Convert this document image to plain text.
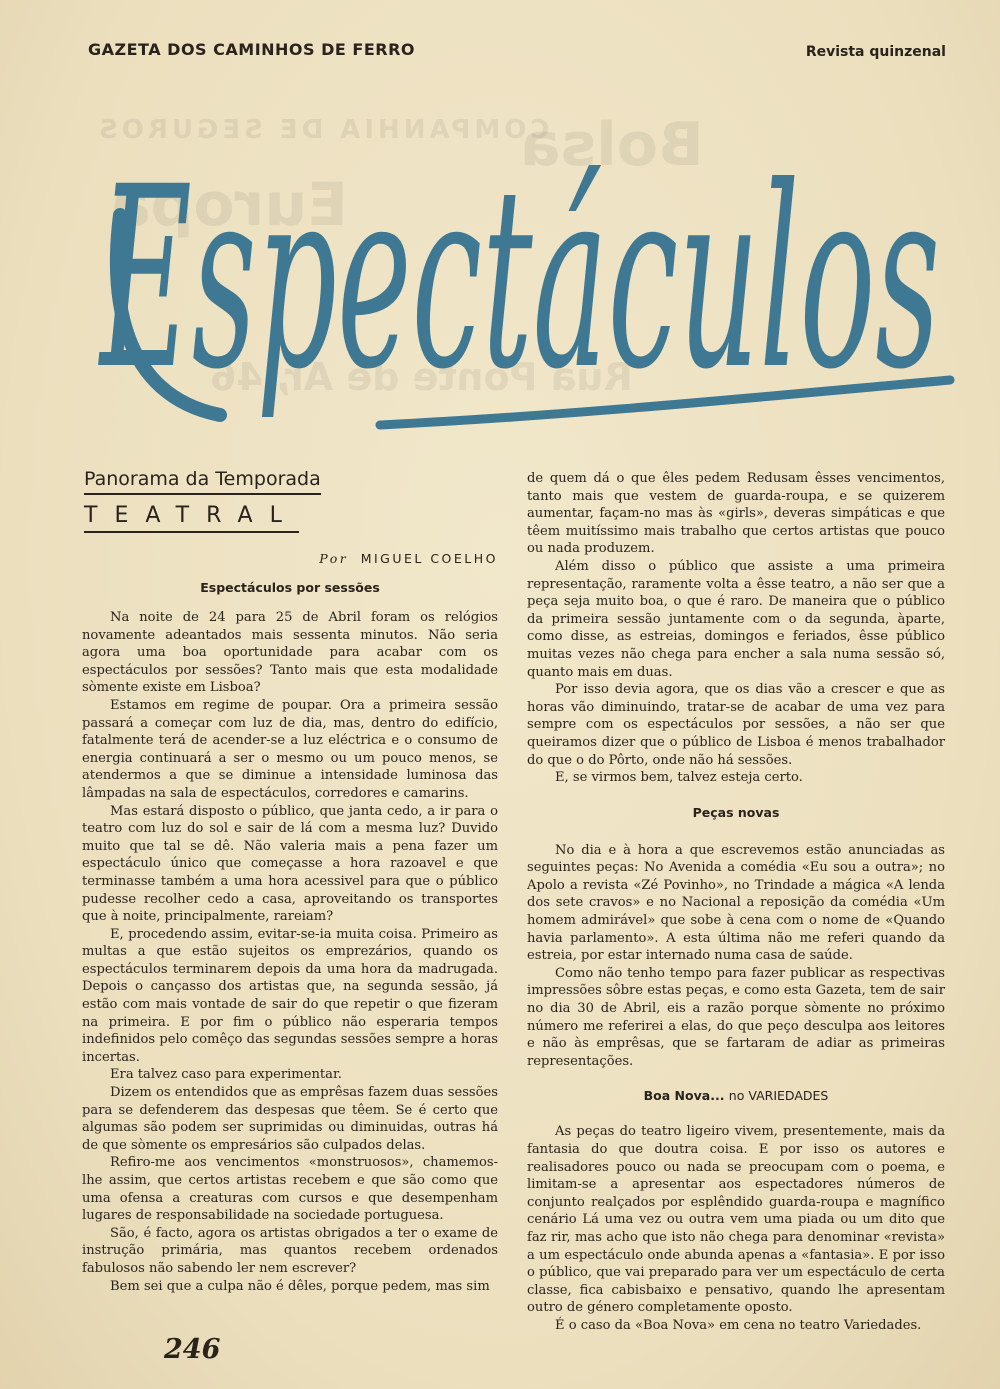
COMPANHIA DE SEGUROS
Europa
Bolsa
Rua Ponte de Ar, 46
GAZETA DOS CAMINHOS DE FERRO	Revista quinzenal
Espectáculos
Panorama da Temporada
TEATRAL
Por MIGUEL COELHO
Espectáculos por sessões

Na noite de 24 para 25 de Abril foram os relógios novamente adeantados mais sessenta minutos. Não seria agora uma boa oportunidade para acabar com os espectáculos por sessões? Tanto mais que esta modalidade sòmente existe em Lisboa?

Estamos em regime de poupar. Ora a primeira sessão passará a começar com luz de dia, mas, dentro do edifício, fatalmente terá de acender-se a luz eléctrica e o consumo de energia continuará a ser o mesmo ou um pouco menos, se atendermos a que se diminue a intensidade luminosa das lâmpadas na sala de espectáculos, corredores e camarins.

Mas estará disposto o público, que janta cedo, a ir para o teatro com luz do sol e sair de lá com a mesma luz? Duvido muito que tal se dê. Não valeria mais a pena fazer um espectáculo único que começasse a hora razoavel e que terminasse também a uma hora acessivel para que o público pudesse recolher cedo a casa, aproveitando os transportes que à noite, principalmente, rareiam?

E, procedendo assim, evitar-se-ia muita coisa. Primeiro as multas a que estão sujeitos os emprezários, quando os espectáculos terminarem depois da uma hora da madrugada. Depois o cançasso dos artistas que, na segunda sessão, já estão com mais vontade de sair do que repetir o que fizeram na primeira. E por fim o público não esperaria tempos indefinidos pelo comêço das segundas sessões sempre a horas incertas.

Era talvez caso para experimentar.

Dizem os entendidos que as emprêsas fazem duas sessões para se defenderem das despesas que têem. Se é certo que algumas são podem ser suprimidas ou diminuidas, outras há de que sòmente os empresários são culpados delas.

Refiro-me aos vencimentos «monstruosos», chamemos-lhe assim, que certos artistas recebem e que são como que uma ofensa a creaturas com cursos e que desempenham lugares de responsabilidade na sociedade portuguesa.

São, é facto, agora os artistas obrigados a ter o exame de instrução primária, mas quantos recebem ordenados fabulosos não sabendo ler nem escrever?

Bem sei que a culpa não é dêles, porque pedem, mas sim

de quem dá o que êles pedem Redusam êsses vencimentos, tanto mais que vestem de guarda-roupa, e se quizerem aumentar, façam-no mas às «girls», deveras simpáticas e que têem muitíssimo mais trabalho que certos artistas que pouco ou nada produzem.

Além disso o público que assiste a uma primeira representação, raramente volta a êsse teatro, a não ser que a peça seja muito boa, o que é raro. De maneira que o público da primeira sessão juntamente com o da segunda, àparte, como disse, as estreias, domingos e feriados, êsse público muitas vezes não chega para encher a sala numa sessão só, quanto mais em duas.

Por isso devia agora, que os dias vão a crescer e que as horas vão diminuindo, tratar-se de acabar de uma vez para sempre com os espectáculos por sessões, a não ser que queiramos dizer que o público de Lisboa é menos trabalhador do que o do Pôrto, onde não há sessões.

E, se virmos bem, talvez esteja certo.

Peças novas

No dia e à hora a que escrevemos estão anunciadas as seguintes peças: No Avenida a comédia «Eu sou a outra»; no Apolo a revista «Zé Povinho», no Trindade a mágica «A lenda dos sete cravos» e no Nacional a reposição da comédia «Um homem admirável» que sobe à cena com o nome de «Quando havia parlamento». A esta última não me referi quando da estreia, por estar internado numa casa de saúde.

Como não tenho tempo para fazer publicar as respectivas impressões sôbre estas peças, e como esta Gazeta, tem de sair no dia 30 de Abril, eis a razão porque sòmente no próximo número me referirei a elas, do que peço desculpa aos leitores e não às emprêsas, que se fartaram de adiar as primeiras representações.

Boa Nova... no VARIEDADES

As peças do teatro ligeiro vivem, presentemente, mais da fantasia do que doutra coisa. E por isso os autores e realisadores pouco ou nada se preocupam com o poema, e limitam-se a apresentar aos espectadores números de conjunto realçados por esplêndido guarda-roupa e magnífico cenário Lá uma vez ou outra vem uma piada ou um dito que faz rir, mas acho que isto não chega para denominar «revista» a um espectáculo onde abunda apenas a «fantasia». E por isso o público, que vai preparado para ver um espectáculo de certa classe, fica cabisbaixo e pensativo, quando lhe apresentam outro de género completamente oposto.

É o caso da «Boa Nova» em cena no teatro Variedades.

246
